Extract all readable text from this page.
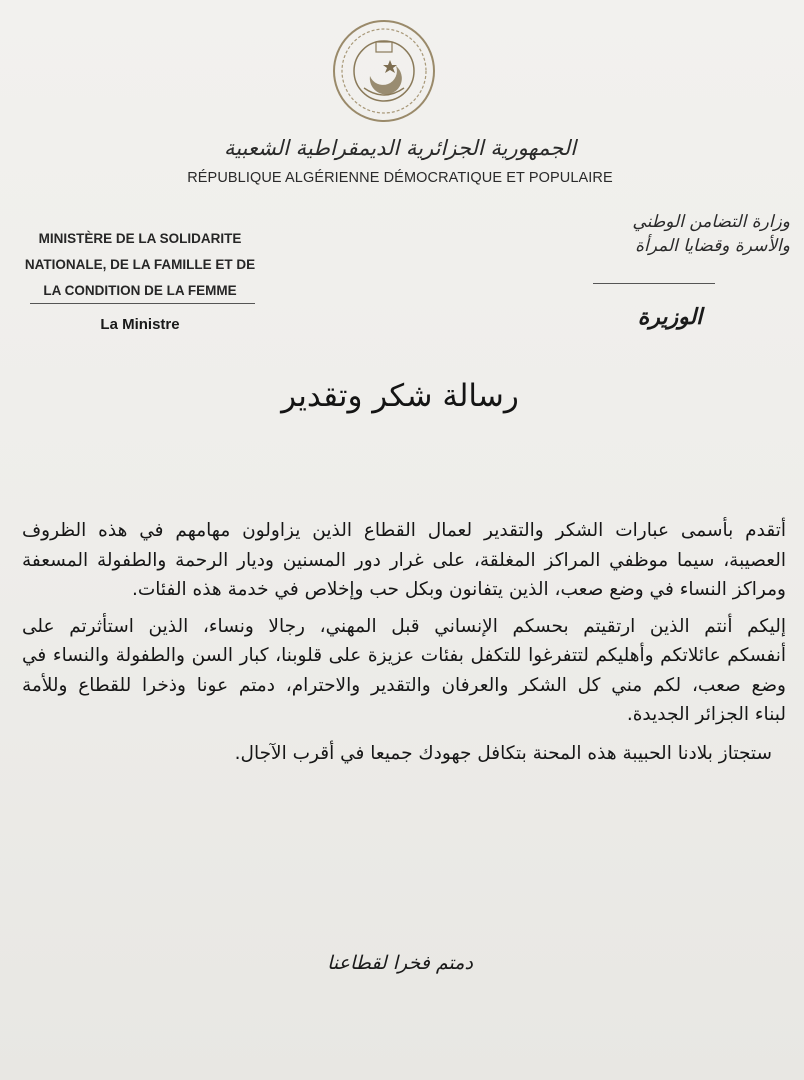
الجمهورية الجزائرية الديمقراطية الشعبية
RÉPUBLIQUE ALGÉRIENNE DÉMOCRATIQUE ET POPULAIRE
MINISTÈRE DE LA SOLIDARITE
NATIONALE, DE LA FAMILLE ET DE
LA CONDITION DE LA FEMME
La Ministre
وزارة التضامن الوطني
والأسرة وقضايا المرأة
الوزيرة
رسالة شكر وتقدير
أتقدم بأسمى عبارات الشكر والتقدير لعمال القطاع الذين يزاولون مهامهم في هذه الظروف
العصيبة، سيما موظفي المراكز المغلقة، على غرار دور المسنين وديار الرحمة والطفولة المسعفة
ومراكز النساء في وضع صعب، الذين يتفانون وبكل حب وإخلاص في خدمة هذه الفئات.
إليكم أنتم الذين ارتقيتم بحسكم الإنساني قبل المهني، رجالا ونساء، الذين استأثرتم على
أنفسكم عائلاتكم وأهليكم لتتفرغوا للتكفل بفئات عزيزة على قلوبنا، كبار السن والطفولة والنساء في
وضع صعب، لكم مني كل الشكر والعرفان والتقدير والاحترام، دمتم عونا وذخرا للقطاع وللأمة
لبناء الجزائر الجديدة.
ستجتاز بلادنا الحبيبة هذه المحنة بتكافل جهودك جميعا في أقرب الآجال.
دمتم فخرا لقطاعنا
